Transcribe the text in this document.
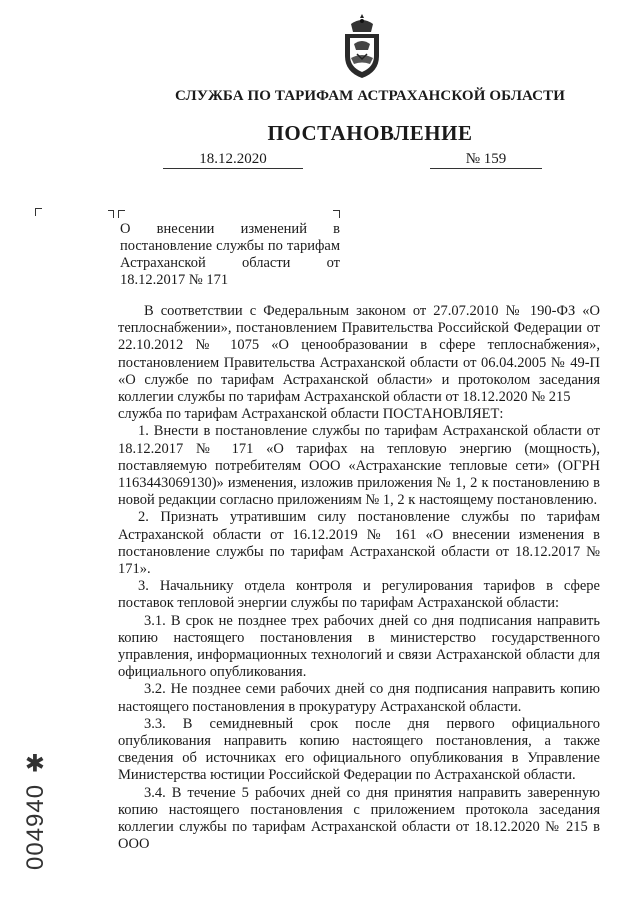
СЛУЖБА ПО ТАРИФАМ АСТРАХАНСКОЙ ОБЛАСТИ
ПОСТАНОВЛЕНИЕ
18.12.2020	№ 159
О внесении изменений в постановление службы по тарифам Астраханской области от 18.12.2017 № 171

В соответствии с Федеральным законом от 27.07.2010 № 190-ФЗ «О теплоснабжении», постановлением Правительства Российской Федерации от 22.10.2012 № 1075 «О ценообразовании в сфере теплоснабжения», постановлением Правительства Астраханской области от 06.04.2005 № 49-П «О службе по тарифам Астраханской области» и протоколом заседания коллегии службы по тарифам Астраханской области от 18.12.2020 № 215

служба по тарифам Астраханской области ПОСТАНОВЛЯЕТ:

1. Внести в постановление службы по тарифам Астраханской области от 18.12.2017 № 171 «О тарифах на тепловую энергию (мощность), поставляемую потребителям ООО «Астраханские тепловые сети» (ОГРН 1163443069130)» изменения, изложив приложения № 1, 2 к постановлению в новой редакции согласно приложениям № 1, 2 к настоящему постановлению.

2. Признать утратившим силу постановление службы по тарифам Астраханской области от 16.12.2019 № 161 «О внесении изменения в постановление службы по тарифам Астраханской области от 18.12.2017 № 171».

3. Начальнику отдела контроля и регулирования тарифов в сфере поставок тепловой энергии службы по тарифам Астраханской области:

3.1. В срок не позднее трех рабочих дней со дня подписания направить копию настоящего постановления в министерство государственного управления, информационных технологий и связи Астраханской области для официального опубликования.

3.2. Не позднее семи рабочих дней со дня подписания направить копию настоящего постановления в прокуратуру Астраханской области.

3.3. В семидневный срок после дня первого официального опубликования направить копию настоящего постановления, а также сведения об источниках его официального опубликования в Управление Министерства юстиции Российской Федерации по Астраханской области.

3.4. В течение 5 рабочих дней со дня принятия направить заверенную копию настоящего постановления с приложением протокола заседания коллегии службы по тарифам Астраханской области от 18.12.2020 № 215 в ООО

004940 ✱
